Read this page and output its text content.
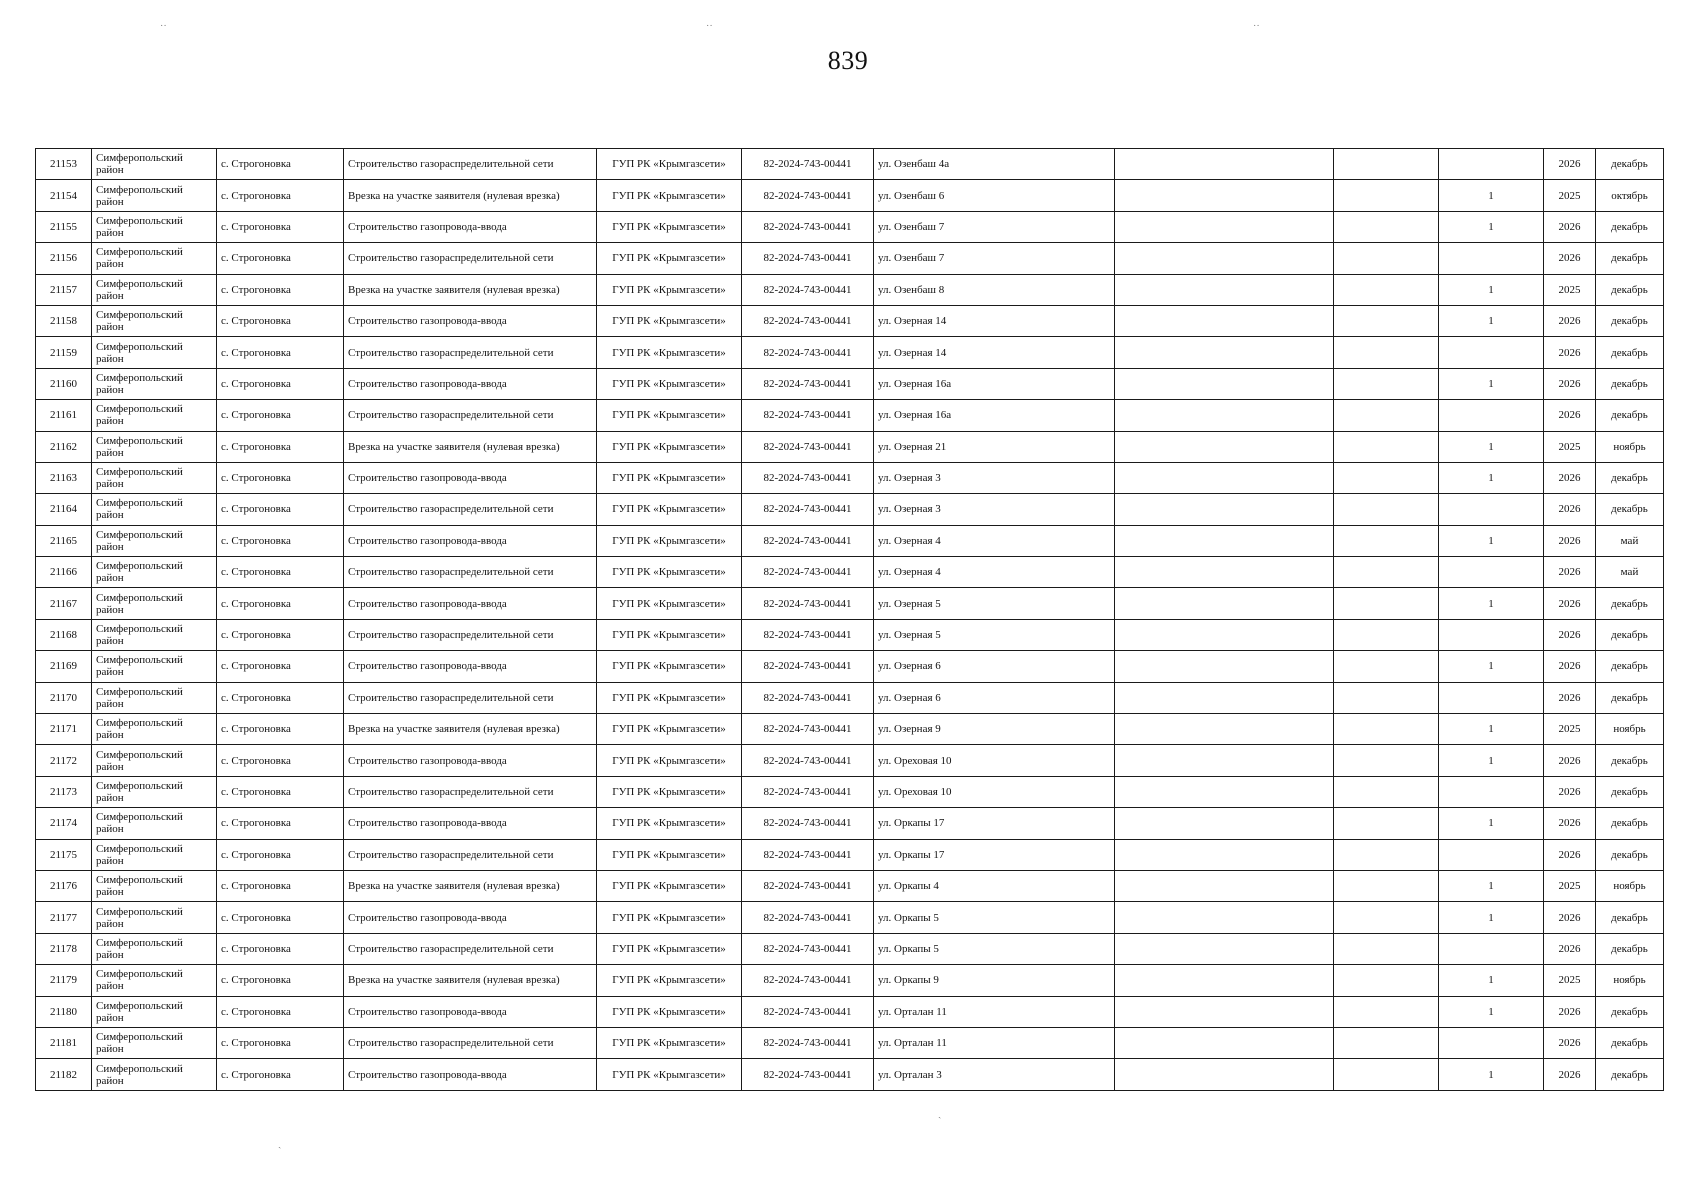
839
21153	Симферопольский район	с. Строгоновка	Строительство газораспределительной сети	ГУП РК «Крымгазсети»	82-2024-743-00441	ул. Озенбаш 4а				2026	декабрь
21154	Симферопольский район	с. Строгоновка	Врезка на участке заявителя (нулевая врезка)	ГУП РК «Крымгазсети»	82-2024-743-00441	ул. Озенбаш 6			1	2025	октябрь
21155	Симферопольский район	с. Строгоновка	Строительство газопровода-ввода	ГУП РК «Крымгазсети»	82-2024-743-00441	ул. Озенбаш 7			1	2026	декабрь
21156	Симферопольский район	с. Строгоновка	Строительство газораспределительной сети	ГУП РК «Крымгазсети»	82-2024-743-00441	ул. Озенбаш 7				2026	декабрь
21157	Симферопольский район	с. Строгоновка	Врезка на участке заявителя (нулевая врезка)	ГУП РК «Крымгазсети»	82-2024-743-00441	ул. Озенбаш 8			1	2025	декабрь
21158	Симферопольский район	с. Строгоновка	Строительство газопровода-ввода	ГУП РК «Крымгазсети»	82-2024-743-00441	ул. Озерная 14			1	2026	декабрь
21159	Симферопольский район	с. Строгоновка	Строительство газораспределительной сети	ГУП РК «Крымгазсети»	82-2024-743-00441	ул. Озерная 14				2026	декабрь
21160	Симферопольский район	с. Строгоновка	Строительство газопровода-ввода	ГУП РК «Крымгазсети»	82-2024-743-00441	ул. Озерная 16а			1	2026	декабрь
21161	Симферопольский район	с. Строгоновка	Строительство газораспределительной сети	ГУП РК «Крымгазсети»	82-2024-743-00441	ул. Озерная 16а				2026	декабрь
21162	Симферопольский район	с. Строгоновка	Врезка на участке заявителя (нулевая врезка)	ГУП РК «Крымгазсети»	82-2024-743-00441	ул. Озерная 21			1	2025	ноябрь
21163	Симферопольский район	с. Строгоновка	Строительство газопровода-ввода	ГУП РК «Крымгазсети»	82-2024-743-00441	ул. Озерная 3			1	2026	декабрь
21164	Симферопольский район	с. Строгоновка	Строительство газораспределительной сети	ГУП РК «Крымгазсети»	82-2024-743-00441	ул. Озерная 3				2026	декабрь
21165	Симферопольский район	с. Строгоновка	Строительство газопровода-ввода	ГУП РК «Крымгазсети»	82-2024-743-00441	ул. Озерная 4			1	2026	май
21166	Симферопольский район	с. Строгоновка	Строительство газораспределительной сети	ГУП РК «Крымгазсети»	82-2024-743-00441	ул. Озерная 4				2026	май
21167	Симферопольский район	с. Строгоновка	Строительство газопровода-ввода	ГУП РК «Крымгазсети»	82-2024-743-00441	ул. Озерная 5			1	2026	декабрь
21168	Симферопольский район	с. Строгоновка	Строительство газораспределительной сети	ГУП РК «Крымгазсети»	82-2024-743-00441	ул. Озерная 5				2026	декабрь
21169	Симферопольский район	с. Строгоновка	Строительство газопровода-ввода	ГУП РК «Крымгазсети»	82-2024-743-00441	ул. Озерная 6			1	2026	декабрь
21170	Симферопольский район	с. Строгоновка	Строительство газораспределительной сети	ГУП РК «Крымгазсети»	82-2024-743-00441	ул. Озерная 6				2026	декабрь
21171	Симферопольский район	с. Строгоновка	Врезка на участке заявителя (нулевая врезка)	ГУП РК «Крымгазсети»	82-2024-743-00441	ул. Озерная 9			1	2025	ноябрь
21172	Симферопольский район	с. Строгоновка	Строительство газопровода-ввода	ГУП РК «Крымгазсети»	82-2024-743-00441	ул. Ореховая 10			1	2026	декабрь
21173	Симферопольский район	с. Строгоновка	Строительство газораспределительной сети	ГУП РК «Крымгазсети»	82-2024-743-00441	ул. Ореховая 10				2026	декабрь
21174	Симферопольский район	с. Строгоновка	Строительство газопровода-ввода	ГУП РК «Крымгазсети»	82-2024-743-00441	ул. Оркапы 17			1	2026	декабрь
21175	Симферопольский район	с. Строгоновка	Строительство газораспределительной сети	ГУП РК «Крымгазсети»	82-2024-743-00441	ул. Оркапы 17				2026	декабрь
21176	Симферопольский район	с. Строгоновка	Врезка на участке заявителя (нулевая врезка)	ГУП РК «Крымгазсети»	82-2024-743-00441	ул. Оркапы 4			1	2025	ноябрь
21177	Симферопольский район	с. Строгоновка	Строительство газопровода-ввода	ГУП РК «Крымгазсети»	82-2024-743-00441	ул. Оркапы 5			1	2026	декабрь
21178	Симферопольский район	с. Строгоновка	Строительство газораспределительной сети	ГУП РК «Крымгазсети»	82-2024-743-00441	ул. Оркапы 5				2026	декабрь
21179	Симферопольский район	с. Строгоновка	Врезка на участке заявителя (нулевая врезка)	ГУП РК «Крымгазсети»	82-2024-743-00441	ул. Оркапы 9			1	2025	ноябрь
21180	Симферопольский район	с. Строгоновка	Строительство газопровода-ввода	ГУП РК «Крымгазсети»	82-2024-743-00441	ул. Орталан 11			1	2026	декабрь
21181	Симферопольский район	с. Строгоновка	Строительство газораспределительной сети	ГУП РК «Крымгазсети»	82-2024-743-00441	ул. Орталан 11				2026	декабрь
21182	Симферопольский район	с. Строгоновка	Строительство газопровода-ввода	ГУП РК «Крымгазсети»	82-2024-743-00441	ул. Орталан 3			1	2026	декабрь
˙˙	˙˙	˙˙
ˏ
ˏ
